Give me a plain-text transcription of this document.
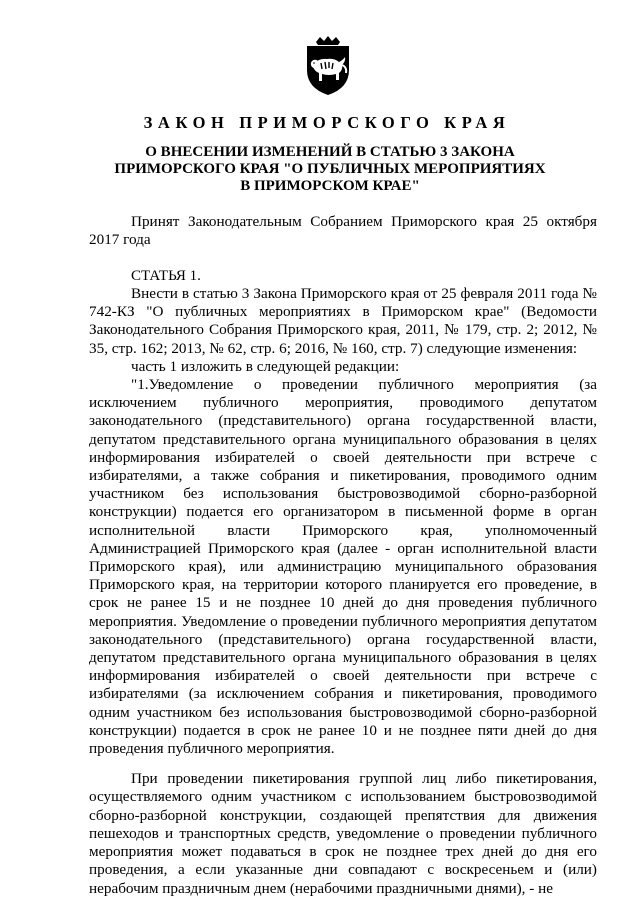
ЗАКОН ПРИМОРСКОГО КРАЯ
О ВНЕСЕНИИ ИЗМЕНЕНИЙ В СТАТЬЮ 3 ЗАКОНА
ПРИМОРСКОГО КРАЯ "О ПУБЛИЧНЫХ МЕРОПРИЯТИЯХ
В ПРИМОРСКОМ КРАЕ"

Принят Законодательным Собранием Приморского края 25 октября 2017 года

СТАТЬЯ 1.

Внести в статью 3 Закона Приморского края от 25 февраля 2011 года № 742-КЗ "О публичных мероприятиях в Приморском крае" (Ведомости Законодательного Собрания Приморского края, 2011, № 179, стр. 2; 2012, № 35, стр. 162; 2013, № 62, стр. 6; 2016, № 160, стр. 7) следующие изменения:

часть 1 изложить в следующей редакции:

"1.Уведомление о проведении публичного мероприятия (за исключением публичного мероприятия, проводимого депутатом законодательного (представительного) органа государственной власти, депутатом представительного органа муниципального образования в целях информирования избирателей о своей деятельности при встрече с избирателями, а также собрания и пикетирования, проводимого одним участником без использования быстровозводимой сборно-разборной конструкции) подается его организатором в письменной форме в орган исполнительной власти Приморского края, уполномоченный Администрацией Приморского края (далее - орган исполнительной власти Приморского края), или администрацию муниципального образования Приморского края, на территории которого планируется его проведение, в срок не ранее 15 и не позднее 10 дней до дня проведения публичного мероприятия. Уведомление о проведении публичного мероприятия депутатом законодательного (представительного) органа государственной власти, депутатом представительного органа муниципального образования в целях информирования избирателей о своей деятельности при встрече с избирателями (за исключением собрания и пикетирования, проводимого одним участником без использования быстровозводимой сборно-разборной конструкции) подается в срок не ранее 10 и не позднее пяти дней до дня проведения публичного мероприятия.

При проведении пикетирования группой лиц либо пикетирования, осуществляемого одним участником с использованием быстровозводимой сборно-разборной конструкции, создающей препятствия для движения пешеходов и транспортных средств, уведомление о проведении публичного мероприятия может подаваться в срок не позднее трех дней до дня его проведения, а если указанные дни совпадают с воскресеньем и (или) нерабочим праздничным днем (нерабочими праздничными днями), - не
